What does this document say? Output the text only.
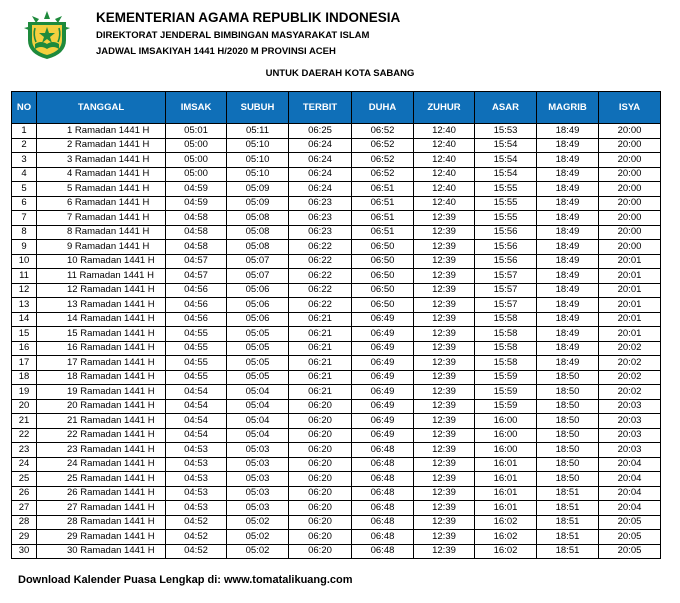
KEMENTERIAN AGAMA REPUBLIK INDONESIA
DIREKTORAT JENDERAL BIMBINGAN MASYARAKAT ISLAM
JADWAL IMSAKIYAH 1441 H/2020 M PROVINSI ACEH
UNTUK DAERAH KOTA SABANG
NO	TANGGAL	IMSAK	SUBUH	TERBIT	DUHA	ZUHUR	ASAR	MAGRIB	ISYA
1	1 Ramadan 1441 H	05:01	05:11	06:25	06:52	12:40	15:53	18:49	20:00
2	2 Ramadan 1441 H	05:00	05:10	06:24	06:52	12:40	15:54	18:49	20:00
3	3 Ramadan 1441 H	05:00	05:10	06:24	06:52	12:40	15:54	18:49	20:00
4	4 Ramadan 1441 H	05:00	05:10	06:24	06:52	12:40	15:54	18:49	20:00
5	5 Ramadan 1441 H	04:59	05:09	06:24	06:51	12:40	15:55	18:49	20:00
6	6 Ramadan 1441 H	04:59	05:09	06:23	06:51	12:40	15:55	18:49	20:00
7	7 Ramadan 1441 H	04:58	05:08	06:23	06:51	12:39	15:55	18:49	20:00
8	8 Ramadan 1441 H	04:58	05:08	06:23	06:51	12:39	15:56	18:49	20:00
9	9 Ramadan 1441 H	04:58	05:08	06:22	06:50	12:39	15:56	18:49	20:00
10	10 Ramadan 1441 H	04:57	05:07	06:22	06:50	12:39	15:56	18:49	20:01
11	11 Ramadan 1441 H	04:57	05:07	06:22	06:50	12:39	15:57	18:49	20:01
12	12 Ramadan 1441 H	04:56	05:06	06:22	06:50	12:39	15:57	18:49	20:01
13	13 Ramadan 1441 H	04:56	05:06	06:22	06:50	12:39	15:57	18:49	20:01
14	14 Ramadan 1441 H	04:56	05:06	06:21	06:49	12:39	15:58	18:49	20:01
15	15 Ramadan 1441 H	04:55	05:05	06:21	06:49	12:39	15:58	18:49	20:01
16	16 Ramadan 1441 H	04:55	05:05	06:21	06:49	12:39	15:58	18:49	20:02
17	17 Ramadan 1441 H	04:55	05:05	06:21	06:49	12:39	15:58	18:49	20:02
18	18 Ramadan 1441 H	04:55	05:05	06:21	06:49	12:39	15:59	18:50	20:02
19	19 Ramadan 1441 H	04:54	05:04	06:21	06:49	12:39	15:59	18:50	20:02
20	20 Ramadan 1441 H	04:54	05:04	06:20	06:49	12:39	15:59	18:50	20:03
21	21 Ramadan 1441 H	04:54	05:04	06:20	06:49	12:39	16:00	18:50	20:03
22	22 Ramadan 1441 H	04:54	05:04	06:20	06:49	12:39	16:00	18:50	20:03
23	23 Ramadan 1441 H	04:53	05:03	06:20	06:48	12:39	16:00	18:50	20:03
24	24 Ramadan 1441 H	04:53	05:03	06:20	06:48	12:39	16:01	18:50	20:04
25	25 Ramadan 1441 H	04:53	05:03	06:20	06:48	12:39	16:01	18:50	20:04
26	26 Ramadan 1441 H	04:53	05:03	06:20	06:48	12:39	16:01	18:51	20:04
27	27 Ramadan 1441 H	04:53	05:03	06:20	06:48	12:39	16:01	18:51	20:04
28	28 Ramadan 1441 H	04:52	05:02	06:20	06:48	12:39	16:02	18:51	20:05
29	29 Ramadan 1441 H	04:52	05:02	06:20	06:48	12:39	16:02	18:51	20:05
30	30 Ramadan 1441 H	04:52	05:02	06:20	06:48	12:39	16:02	18:51	20:05
Download Kalender Puasa Lengkap di: www.tomatalikuang.com
